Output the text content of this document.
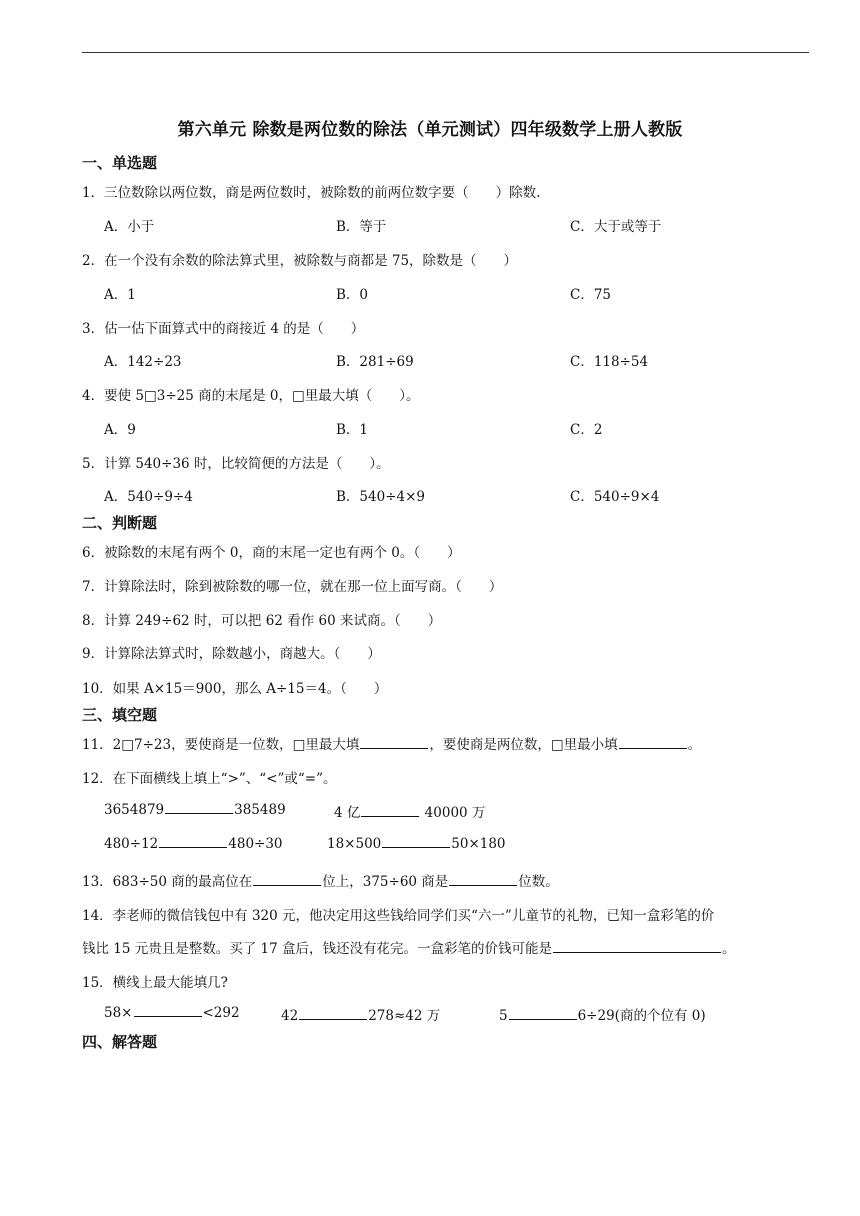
第六单元 除数是两位数的除法（单元测试）四年级数学上册人教版
一、单选题
1．三位数除以两位数，商是两位数时，被除数的前两位数字要（　　）除数.
A．小于	B．等于	C．大于或等于
2．在一个没有余数的除法算式里，被除数与商都是 75，除数是（　　）
A．1	B．0	C．75
3．估一估下面算式中的商接近 4 的是（　　）
A．142÷23	B．281÷69	C．118÷54
4．要使 5□3÷25 商的末尾是 0，□里最大填（　　）。
A．9	B．1	C．2
5．计算 540÷36 时，比较简便的方法是（　　）。
A．540÷9÷4	B．540÷4×9	C．540÷9×4
二、判断题
6．被除数的末尾有两个 0，商的末尾一定也有两个 0。（　　）
7．计算除法时，除到被除数的哪一位，就在那一位上面写商。（　　）
8．计算 249÷62 时，可以把 62 看作 60 来试商。（　　）
9．计算除法算式时，除数越小，商越大。（　　）
10．如果 A×15＝900，那么 A÷15＝4。（　　）
三、填空题
11．2□7÷23，要使商是一位数，□里最大填	，要使商是两位数，□里最小填	。
12．在下面横线上填上“>”、“<”或“=”。
3654879	385489	4 亿	40000 万
480÷12	480÷30	18×500	50×180
13．683÷50 商的最高位在	位上，375÷60 商是	位数。
14．李老师的微信钱包中有 320 元，他决定用这些钱给同学们买“六一”儿童节的礼物，已知一盒彩笔的价
钱比 15 元贵且是整数。买了 17 盒后，钱还没有花完。一盒彩笔的价钱可能是	。
15．横线上最大能填几?
58×	<292	42	278≈42 万	5	6÷29(商的个位有 0)
四、解答题
